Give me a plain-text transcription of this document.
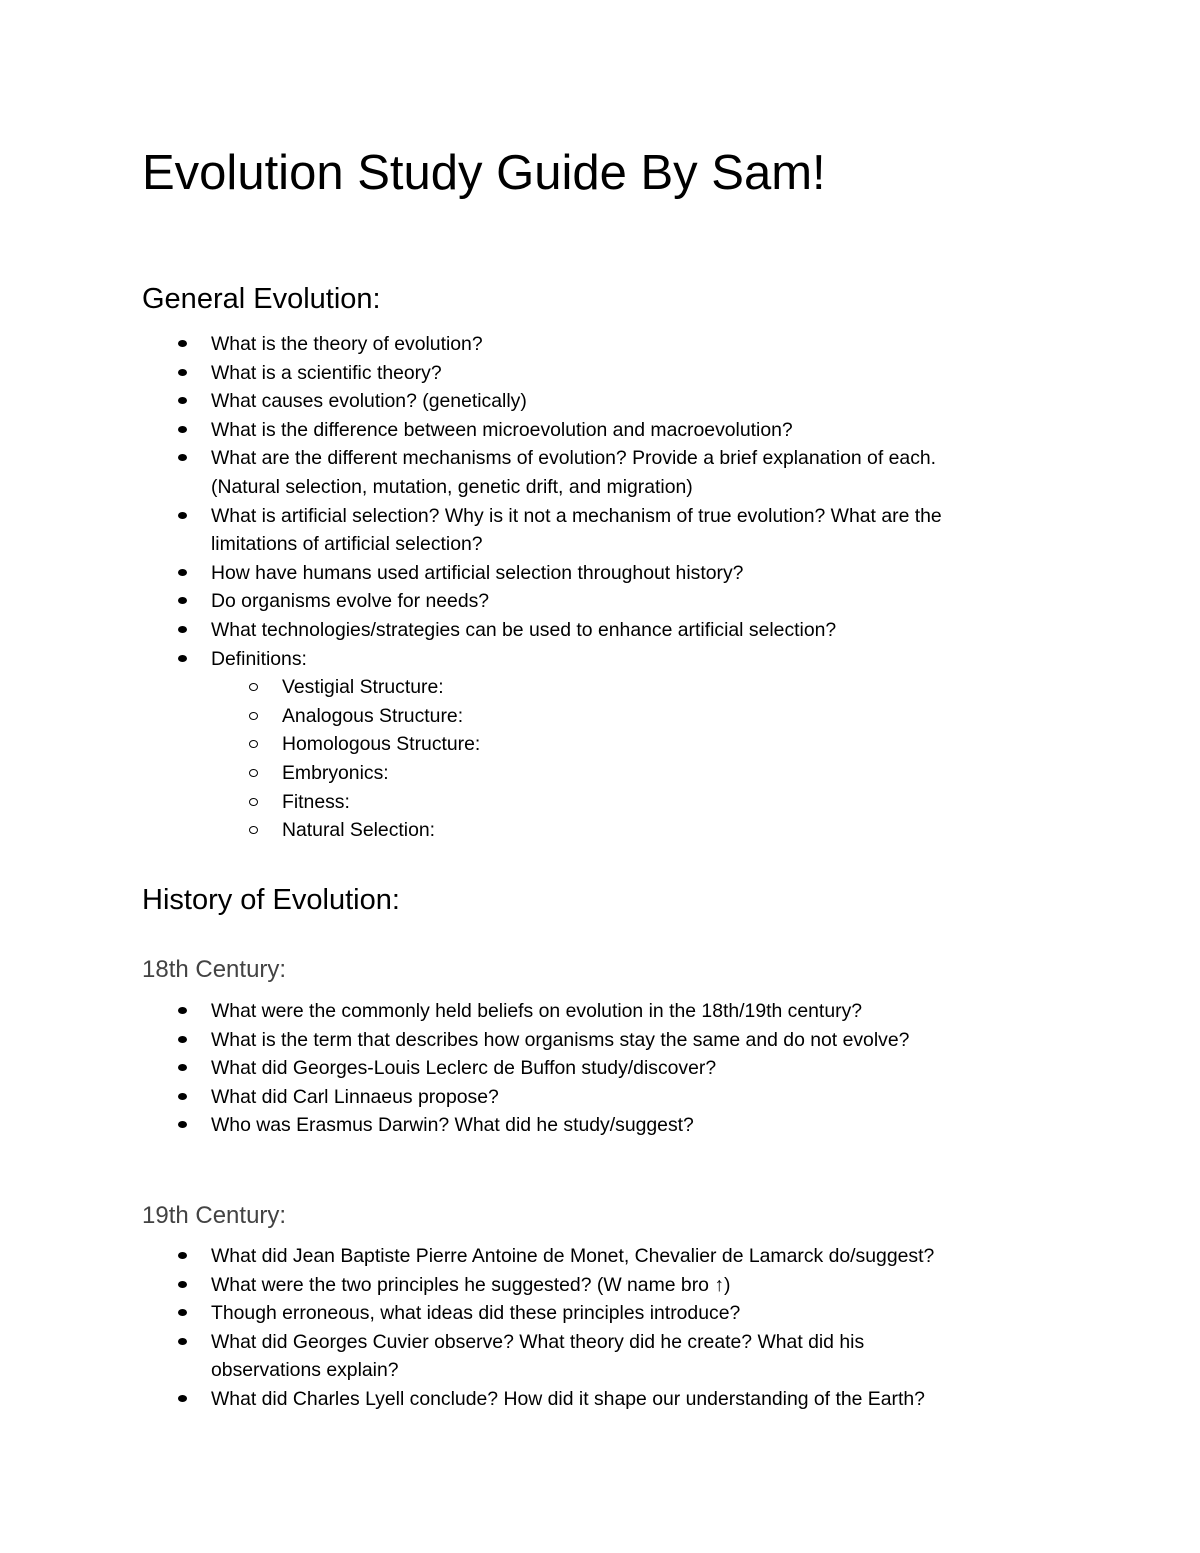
Evolution Study Guide By Sam!
General Evolution:
What is the theory of evolution?
What is a scientific theory?
What causes evolution? (genetically)
What is the difference between microevolution and macroevolution?
What are the different mechanisms of evolution? Provide a brief explanation of each.
(Natural selection, mutation, genetic drift, and migration)
What is artificial selection? Why is it not a mechanism of true evolution? What are the
limitations of artificial selection?
How have humans used artificial selection throughout history?
Do organisms evolve for needs?
What technologies/strategies can be used to enhance artificial selection?
Definitions:
Vestigial Structure:
Analogous Structure:
Homologous Structure:
Embryonics:
Fitness:
Natural Selection:
History of Evolution:
18th Century:
What were the commonly held beliefs on evolution in the 18th/19th century?
What is the term that describes how organisms stay the same and do not evolve?
What did Georges-Louis Leclerc de Buffon study/discover?
What did Carl Linnaeus propose?
Who was Erasmus Darwin? What did he study/suggest?
19th Century:
What did Jean Baptiste Pierre Antoine de Monet, Chevalier de Lamarck do/suggest?
What were the two principles he suggested? (W name bro ↑)
Though erroneous, what ideas did these principles introduce?
What did Georges Cuvier observe? What theory did he create? What did his
observations explain?
What did Charles Lyell conclude? How did it shape our understanding of the Earth?
